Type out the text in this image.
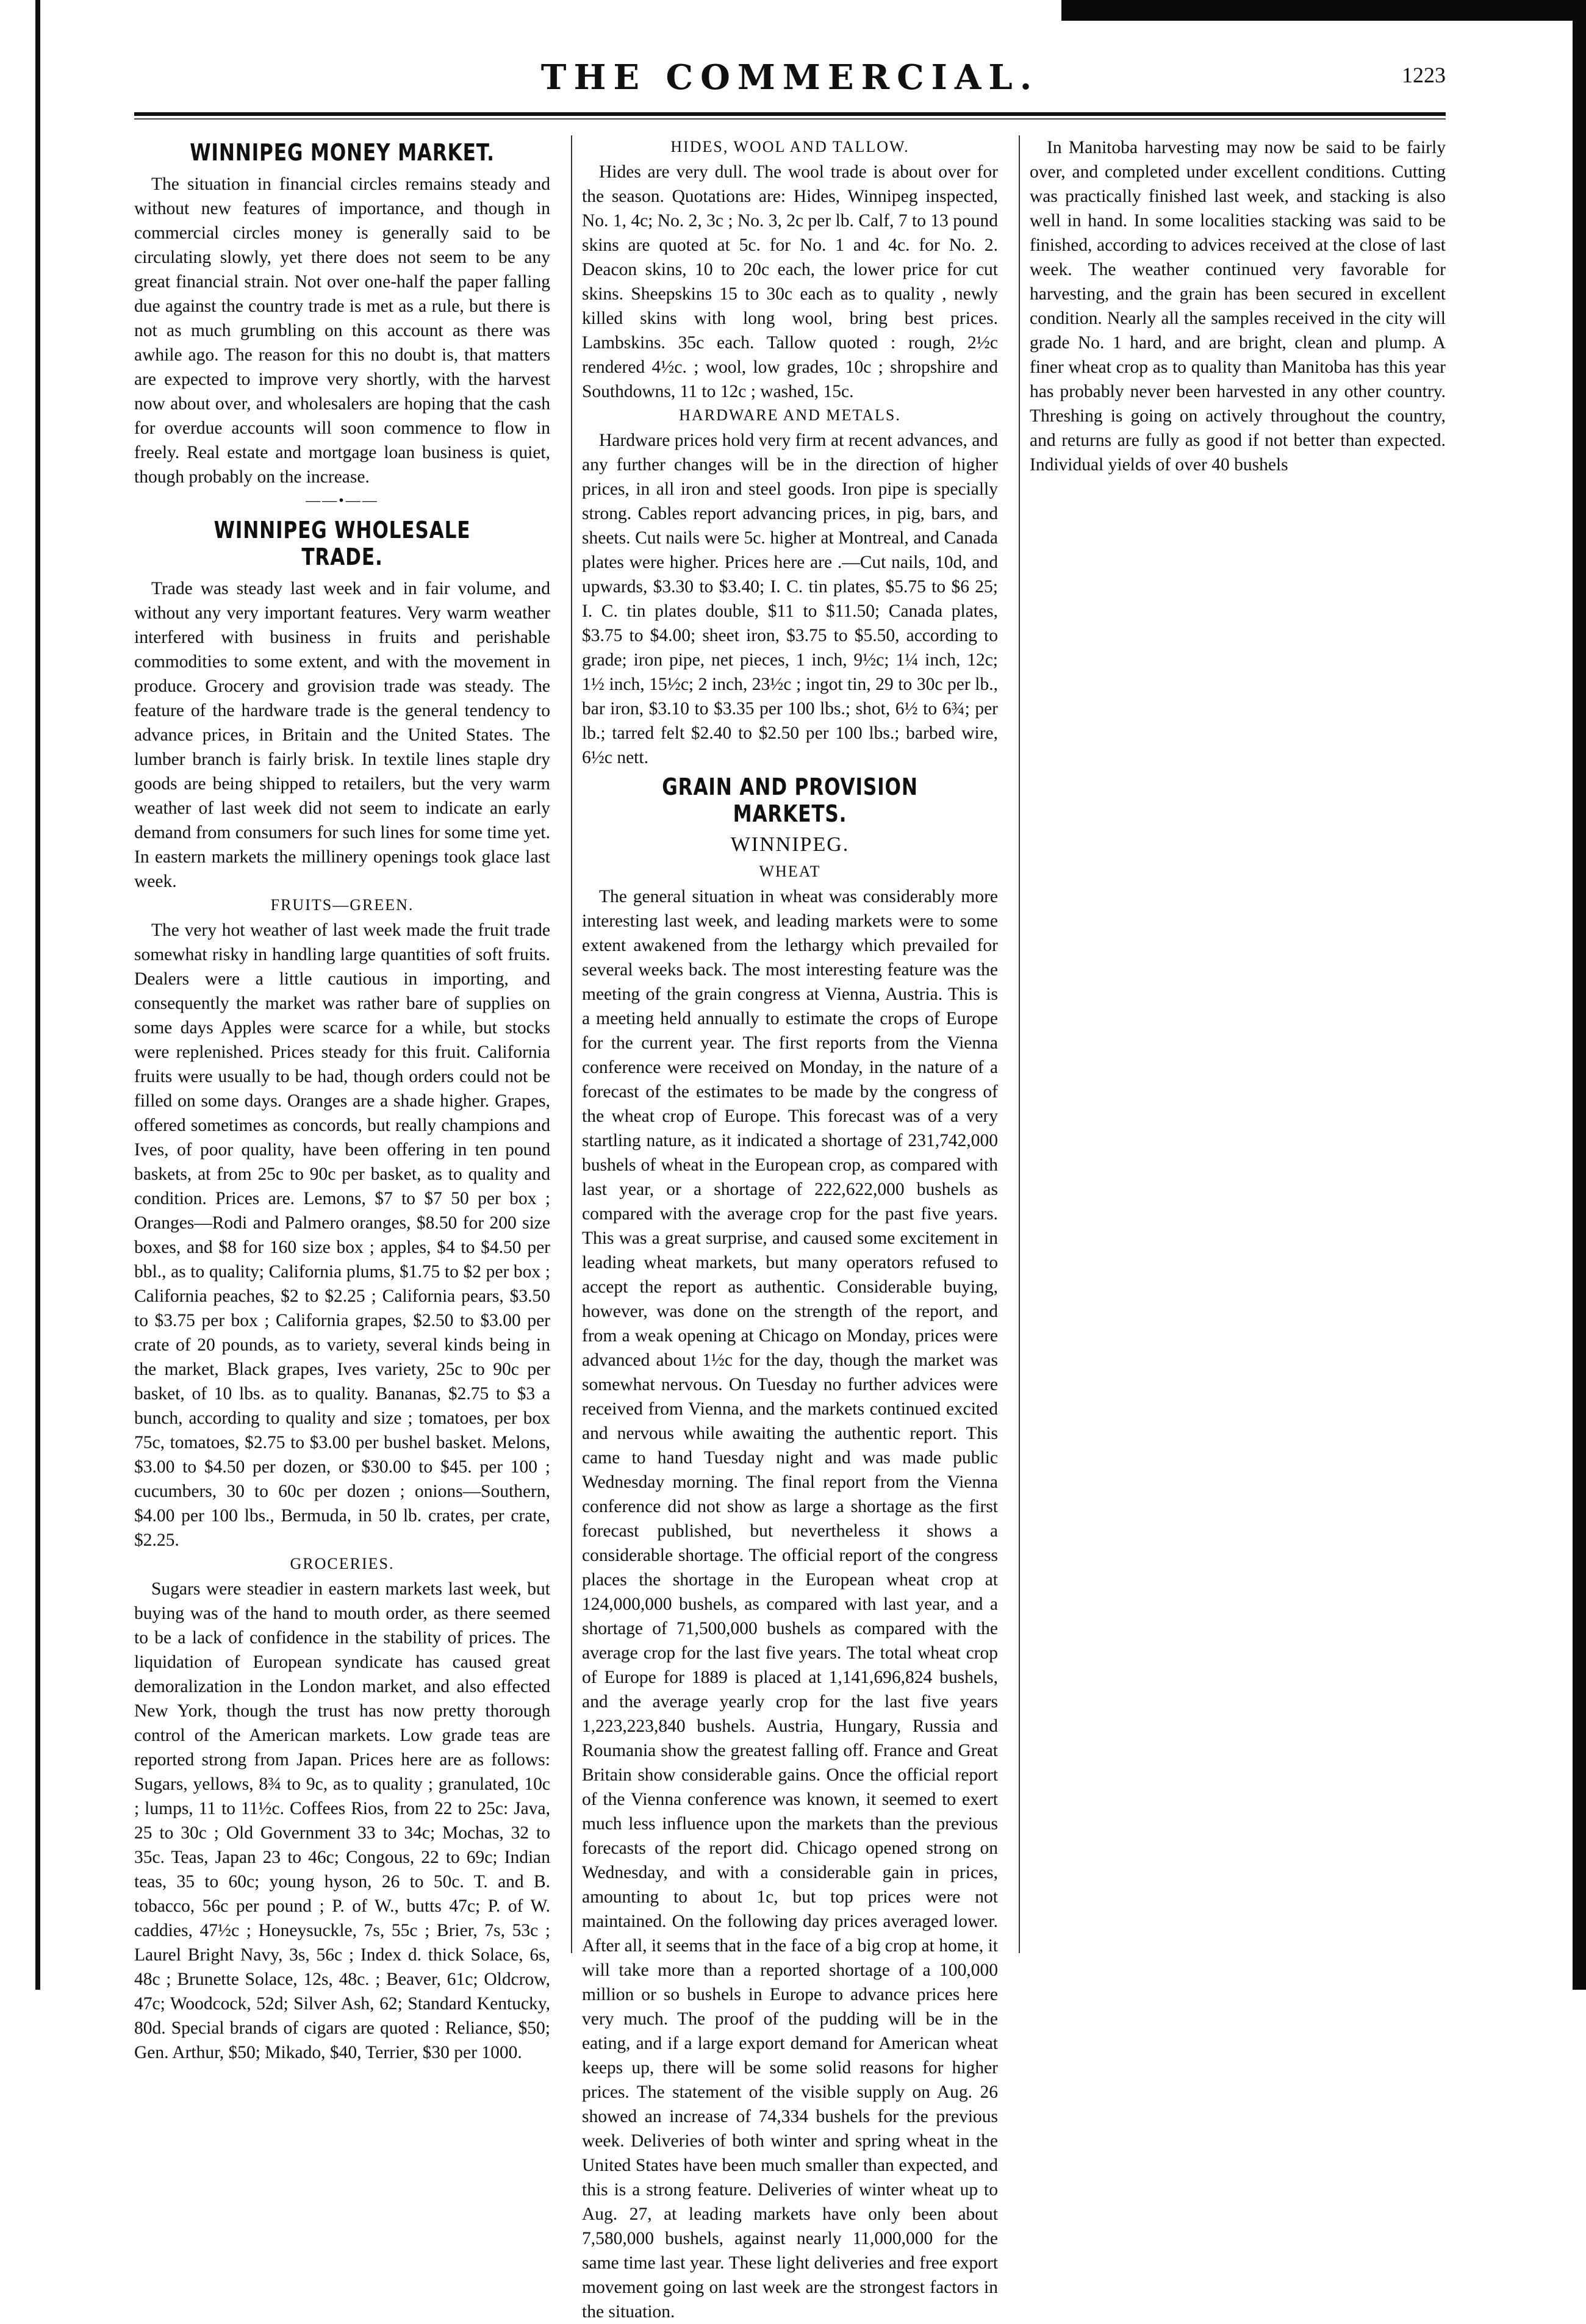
THE COMMERCIAL.	1223
WINNIPEG MONEY MARKET.

The situation in financial circles remains steady and without new features of importance, and though in commercial circles money is generally said to be circulating slowly, yet there does not seem to be any great financial strain. Not over one-half the paper falling due against the country trade is met as a rule, but there is not as much grumbling on this account as there was awhile ago. The reason for this no doubt is, that matters are expected to improve very shortly, with the harvest now about over, and wholesalers are hoping that the cash for overdue accounts will soon commence to flow in freely. Real estate and mortgage loan business is quiet, though probably on the increase.

——•——
WINNIPEG WHOLESALE TRADE.

Trade was steady last week and in fair volume, and without any very important features. Very warm weather interfered with business in fruits and perishable commodities to some extent, and with the movement in produce. Grocery and grovision trade was steady. The feature of the hardware trade is the general tendency to advance prices, in Britain and the United States. The lumber branch is fairly brisk. In textile lines staple dry goods are being shipped to retailers, but the very warm weather of last week did not seem to indicate an early demand from consumers for such lines for some time yet. In eastern markets the millinery openings took glace last week.

FRUITS—GREEN.

The very hot weather of last week made the fruit trade somewhat risky in handling large quantities of soft fruits. Dealers were a little cautious in importing, and consequently the market was rather bare of supplies on some days Apples were scarce for a while, but stocks were replenished. Prices steady for this fruit. California fruits were usually to be had, though orders could not be filled on some days. Oranges are a shade higher. Grapes, offered sometimes as concords, but really champions and Ives, of poor quality, have been offering in ten pound baskets, at from 25c to 90c per basket, as to quality and condition. Prices are. Lemons, $7 to $7 50 per box ; Oranges—Rodi and Palmero oranges, $8.50 for 200 size boxes, and $8 for 160 size box ; apples, $4 to $4.50 per bbl., as to quality; California plums, $1.75 to $2 per box ; California peaches, $2 to $2.25 ; California pears, $3.50 to $3.75 per box ; California grapes, $2.50 to $3.00 per crate of 20 pounds, as to variety, several kinds being in the market, Black grapes, Ives variety, 25c to 90c per basket, of 10 lbs. as to quality. Bananas, $2.75 to $3 a bunch, according to quality and size ; tomatoes, per box 75c, tomatoes, $2.75 to $3.00 per bushel basket. Melons, $3.00 to $4.50 per dozen, or $30.00 to $45. per 100 ; cucumbers, 30 to 60c per dozen ; onions—Southern, $4.00 per 100 lbs., Bermuda, in 50 lb. crates, per crate, $2.25.

GROCERIES.

Sugars were steadier in eastern markets last week, but buying was of the hand to mouth order, as there seemed to be a lack of confidence in the stability of prices. The liquidation of European syndicate has caused great demoralization in the London market, and also effected New York, though the trust has now pretty thorough control of the American markets. Low grade teas are reported strong from Japan. Prices here are as follows: Sugars, yellows, 8¾ to 9c, as to quality ; granulated, 10c ; lumps, 11 to 11½c. Coffees Rios, from 22 to 25c: Java, 25 to 30c ; Old Government 33 to 34c; Mochas, 32 to 35c. Teas, Japan 23 to 46c; Congous, 22 to 69c; Indian teas, 35 to 60c; young hyson, 26 to 50c. T. and B. tobacco, 56c per pound ; P. of W., butts 47c; P. of W. caddies, 47½c ; Honeysuckle, 7s, 55c ; Brier, 7s, 53c ; Laurel Bright Navy, 3s, 56c ; Index d. thick Solace, 6s, 48c ; Brunette Solace, 12s, 48c. ; Beaver, 61c; Oldcrow, 47c; Woodcock, 52d; Silver Ash, 62; Standard Kentucky, 80d. Special brands of cigars are quoted : Reliance, $50; Gen. Arthur, $50; Mikado, $40, Terrier, $30 per 1000.

HIDES, WOOL AND TALLOW.

Hides are very dull. The wool trade is about over for the season. Quotations are: Hides, Winnipeg inspected, No. 1, 4c; No. 2, 3c ; No. 3, 2c per lb. Calf, 7 to 13 pound skins are quoted at 5c. for No. 1 and 4c. for No. 2. Deacon skins, 10 to 20c each, the lower price for cut skins. Sheepskins 15 to 30c each as to quality , newly killed skins with long wool, bring best prices. Lambskins. 35c each. Tallow quoted : rough, 2½c rendered 4½c. ; wool, low grades, 10c ; shropshire and Southdowns, 11 to 12c ; washed, 15c.

HARDWARE AND METALS.

Hardware prices hold very firm at recent advances, and any further changes will be in the direction of higher prices, in all iron and steel goods. Iron pipe is specially strong. Cables report advancing prices, in pig, bars, and sheets. Cut nails were 5c. higher at Montreal, and Canada plates were higher. Prices here are .—Cut nails, 10d, and upwards, $3.30 to $3.40; I. C. tin plates, $5.75 to $6 25; I. C. tin plates double, $11 to $11.50; Canada plates, $3.75 to $4.00; sheet iron, $3.75 to $5.50, according to grade; iron pipe, net pieces, 1 inch, 9½c; 1¼ inch, 12c; 1½ inch, 15½c; 2 inch, 23½c ; ingot tin, 29 to 30c per lb., bar iron, $3.10 to $3.35 per 100 lbs.; shot, 6½ to 6¾; per lb.; tarred felt $2.40 to $2.50 per 100 lbs.; barbed wire, 6½c nett.

GRAIN AND PROVISION MARKETS.
WINNIPEG.
WHEAT

The general situation in wheat was considerably more interesting last week, and leading markets were to some extent awakened from the lethargy which prevailed for several weeks back. The most interesting feature was the meeting of the grain congress at Vienna, Austria. This is a meeting held annually to estimate the crops of Europe for the current year. The first reports from the Vienna conference were received on Monday, in the nature of a forecast of the estimates to be made by the congress of the wheat crop of Europe. This forecast was of a very startling nature, as it indicated a shortage of 231,742,000 bushels of wheat in the European crop, as compared with last year, or a shortage of 222,622,000 bushels as compared with the average crop for the past five years. This was a great surprise, and caused some excitement in leading wheat markets, but many operators refused to accept the report as authentic. Considerable buying, however, was done on the strength of the report, and from a weak opening at Chicago on Monday, prices were advanced about 1½c for the day, though the market was somewhat nervous. On Tuesday no further advices were received from Vienna, and the markets continued excited and nervous while awaiting the authentic report. This came to hand Tuesday night and was made public Wednesday morning. The final report from the Vienna conference did not show as large a shortage as the first forecast published, but nevertheless it shows a considerable shortage. The official report of the congress places the shortage in the European wheat crop at 124,000,000 bushels, as compared with last year, and a shortage of 71,500,000 bushels as compared with the average crop for the last five years. The total wheat crop of Europe for 1889 is placed at 1,141,696,824 bushels, and the average yearly crop for the last five years 1,223,223,840 bushels. Austria, Hungary, Russia and Roumania show the greatest falling off. France and Great Britain show considerable gains. Once the official report of the Vienna conference was known, it seemed to exert much less influence upon the markets than the previous forecasts of the report did. Chicago opened strong on Wednesday, and with a considerable gain in prices, amounting to about 1c, but top prices were not maintained. On the following day prices averaged lower. After all, it seems that in the face of a big crop at home, it will take more than a reported shortage of a 100,000 million or so bushels in Europe to advance prices here very much. The proof of the pudding will be in the eating, and if a large export demand for American wheat keeps up, there will be some solid reasons for higher prices. The statement of the visible supply on Aug. 26 showed an increase of 74,334 bushels for the previous week. Deliveries of both winter and spring wheat in the United States have been much smaller than expected, and this is a strong feature. Deliveries of winter wheat up to Aug. 27, at leading markets have only been about 7,580,000 bushels, against nearly 11,000,000 for the same time last year. These light deliveries and free export movement going on last week are the strongest factors in the situation.

In Manitoba harvesting may now be said to be fairly over, and completed under excellent conditions. Cutting was practically finished last week, and stacking is also well in hand. In some localities stacking was said to be finished, according to advices received at the close of last week. The weather continued very favorable for harvesting, and the grain has been secured in excellent condition. Nearly all the samples received in the city will grade No. 1 hard, and are bright, clean and plump. A finer wheat crop as to quality than Manitoba has this year has probably never been harvested in any other country. Threshing is going on actively throughout the country, and returns are fully as good if not better than expected. Individual yields of over 40 bushels
